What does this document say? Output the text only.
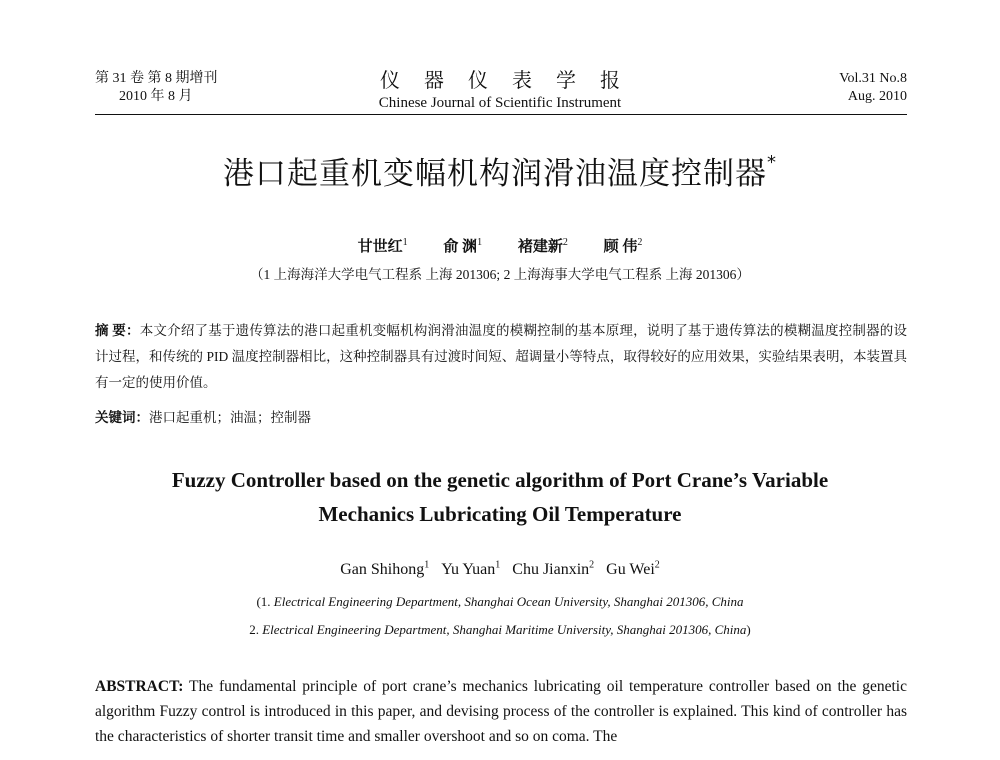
第 31 卷 第 8 期增刊
2010 年 8 月
仪器仪表学报
Chinese Journal of Scientific Instrument
Vol.31 No.8
Aug. 2010
港口起重机变幅机构润滑油温度控制器*
甘世红$^1$ 俞 渊$^1$ 褚建新$^2$ 顾 伟$^2$
（1 上海海洋大学电气工程系 上海 201306; 2 上海海事大学电气工程系 上海 201306）
摘 要：本文介绍了基于遗传算法的港口起重机变幅机构润滑油温度的模糊控制的基本原理，说明了基于遗传算法的模糊温度控制器的设计过程，和传统的 PID 温度控制器相比，这种控制器具有过渡时间短、超调量小等特点，取得较好的应用效果，实验结果表明，本装置具有一定的使用价值。
关键词：港口起重机；油温；控制器
Fuzzy Controller based on the genetic algorithm of Port Crane’s Variable
Mechanics Lubricating Oil Temperature
Gan Shihong$^1$ Yu Yuan$^1$ Chu Jianxin$^2$ Gu Wei$^2$
(1. Electrical Engineering Department, Shanghai Ocean University, Shanghai 201306, China
2. Electrical Engineering Department, Shanghai Maritime University, Shanghai 201306, China)
ABSTRACT: The fundamental principle of port crane’s mechanics lubricating oil temperature controller based on the genetic algorithm Fuzzy control is introduced in this paper, and devising process of the controller is explained. This kind of controller has the characteristics of shorter transit time and smaller overshoot and so on coma. The
